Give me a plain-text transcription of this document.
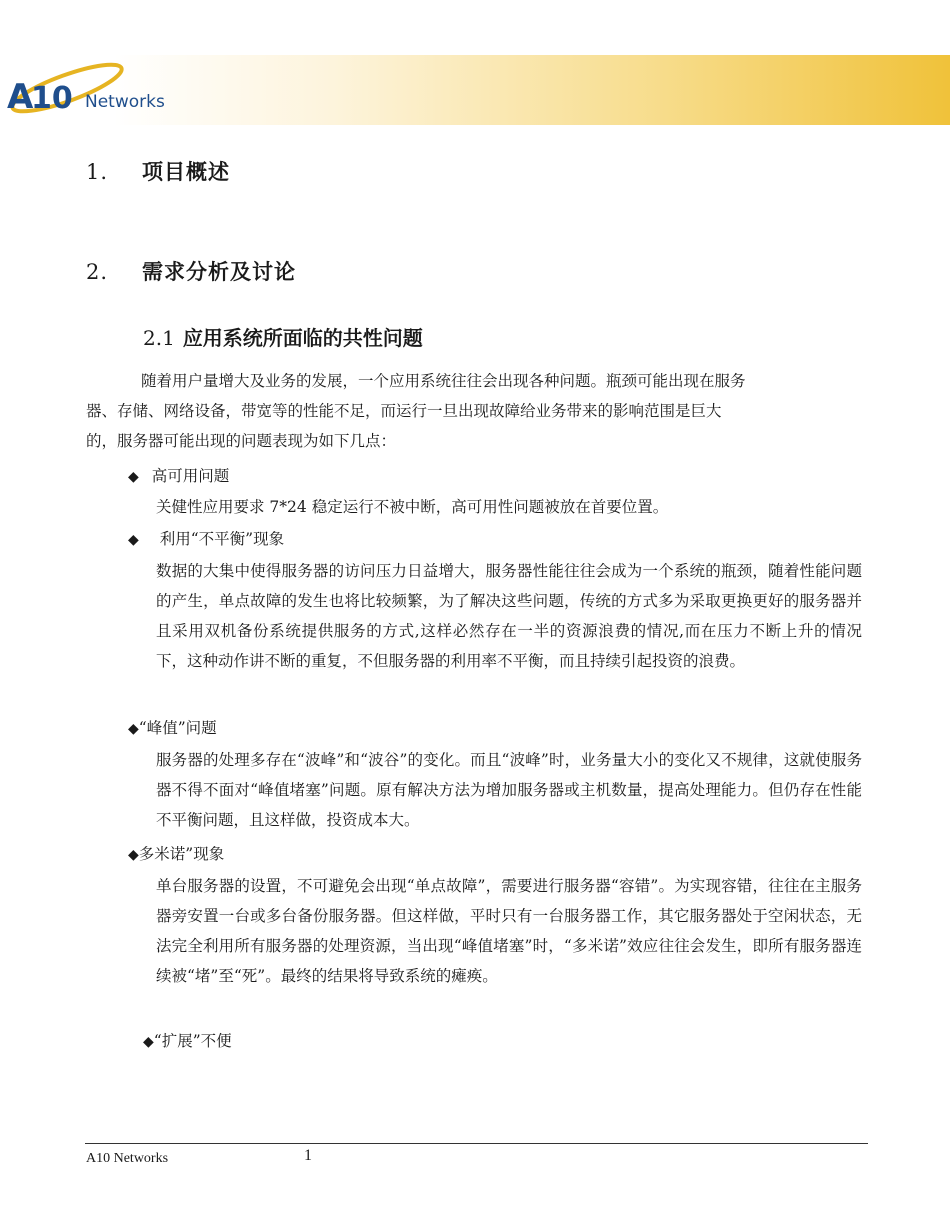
A
10 Networks
1. 项目概述
2. 需求分析及讨论
2.1 应用系统所面临的共性问题
随着用户量增大及业务的发展，一个应用系统往往会出现各种问题。瓶颈可能出现在服务
器、存储、网络设备，带宽等的性能不足，而运行一旦出现故障给业务带来的影响范围是巨大
的，服务器可能出现的问题表现为如下几点：
◆ 高可用问题
关健性应用要求 7*24 稳定运行不被中断，高可用性问题被放在首要位置。
◆ 利用“不平衡”现象
数据的大集中使得服务器的访问压力日益增大，服务器性能往往会成为一个系统的瓶颈，随着性能问题的产生，单点故障的发生也将比较频繁，为了解决这些问题，传统的方式多为采取更换更好的服务器并且采用双机备份系统提供服务的方式,这样必然存在一半的资源浪费的情况,而在压力不断上升的情况下，这种动作讲不断的重复，不但服务器的利用率不平衡，而且持续引起投资的浪费。
◆“峰值”问题
服务器的处理多存在“波峰”和“波谷”的变化。而且“波峰”时，业务量大小的变化又不规律，这就使服务器不得不面对“峰值堵塞”问题。原有解决方法为增加服务器或主机数量，提高处理能力。但仍存在性能不平衡问题，且这样做，投资成本大。
◆多米诺”现象
单台服务器的设置，不可避免会出现“单点故障”，需要进行服务器“容错”。为实现容错，往往在主服务器旁安置一台或多台备份服务器。但这样做，平时只有一台服务器工作，其它服务器处于空闲状态，无法完全利用所有服务器的处理资源，当出现“峰值堵塞”时，“多米诺”效应往往会发生，即所有服务器连续被“堵”至“死”。最终的结果将导致系统的瘫痪。
◆“扩展”不便
A10 Networks	1
